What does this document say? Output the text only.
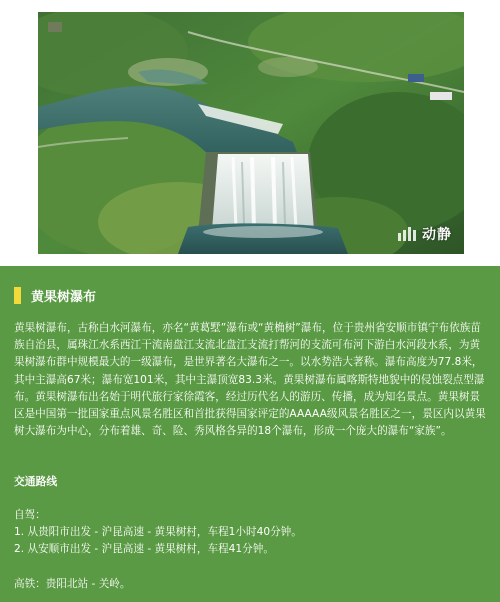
动静
黄果树瀑布

黄果树瀑布，古称白水河瀑布，亦名“黄葛墅”瀑布或“黄桷树”瀑布，位于贵州省安顺市镇宁布依族苗族自治县，属珠江水系西江干流南盘江支流北盘江支流打帮河的支流可布河下游白水河段水系，为黄果树瀑布群中规模最大的一级瀑布，是世界著名大瀑布之一。以水势浩大著称。瀑布高度为77.8米，其中主瀑高67米；瀑布宽101米，其中主瀑顶宽83.3米。黄果树瀑布属喀斯特地貌中的侵蚀裂点型瀑布。黄果树瀑布出名始于明代旅行家徐霞客，经过历代名人的游历、传播，成为知名景点。黄果树景区是中国第一批国家重点风景名胜区和首批获得国家评定的AAAAA级风景名胜区之一，景区内以黄果树大瀑布为中心，分布着雄、奇、险、秀风格各异的18个瀑布，形成一个庞大的瀑布“家族”。

交通路线
自驾：
1. 从贵阳市出发 - 沪昆高速 - 黄果树村，车程1小时40分钟。
2. 从安顺市出发 - 沪昆高速 - 黄果树村，车程41分钟。
高铁：贵阳北站 - 关岭。
